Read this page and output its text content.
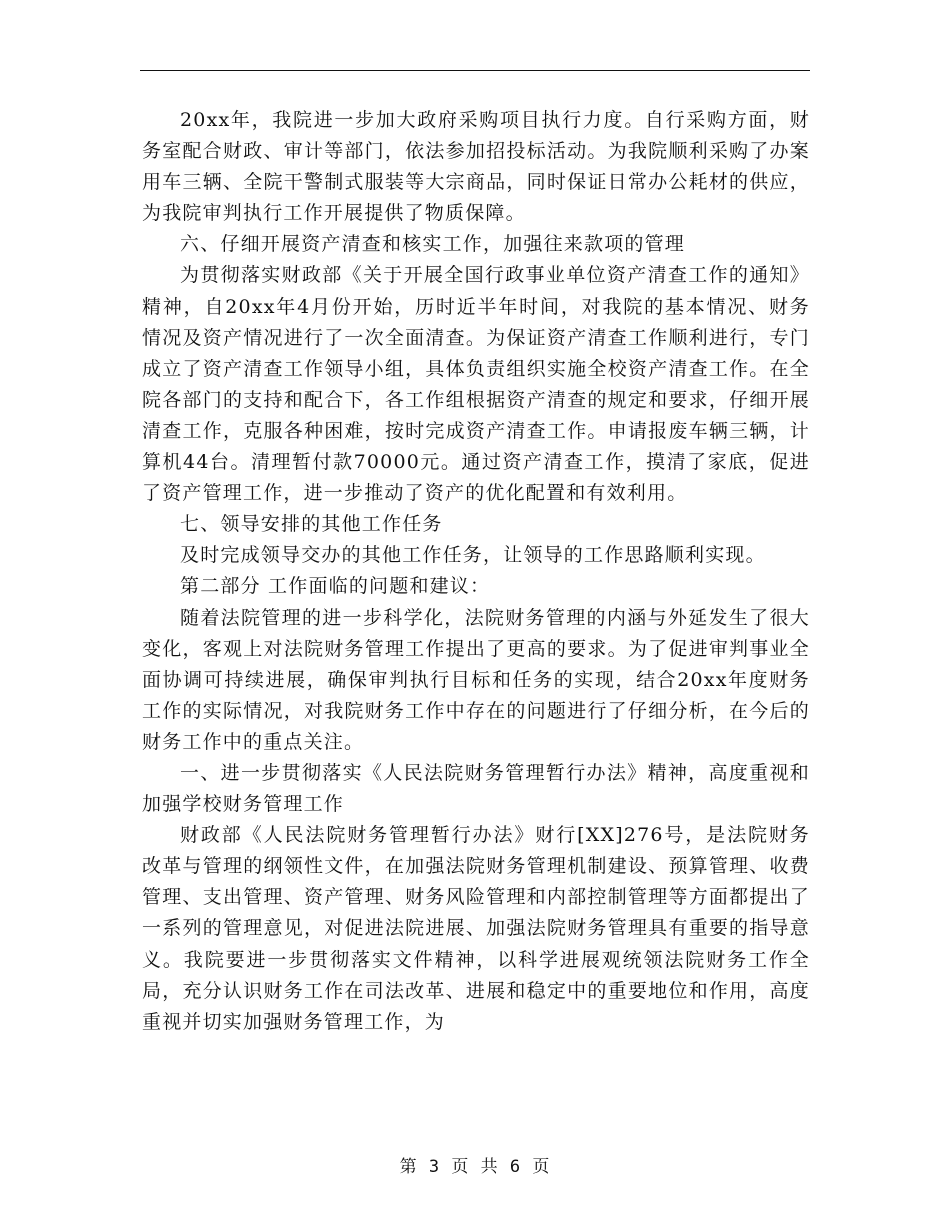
20xx年，我院进一步加大政府采购项目执行力度。自行采购方面，财务室配合财政、审计等部门，依法参加招投标活动。为我院顺利采购了办案用车三辆、全院干警制式服装等大宗商品，同时保证日常办公耗材的供应，为我院审判执行工作开展提供了物质保障。

六、仔细开展资产清查和核实工作，加强往来款项的管理

为贯彻落实财政部《关于开展全国行政事业单位资产清查工作的通知》精神，自20xx年4月份开始，历时近半年时间，对我院的基本情况、财务情况及资产情况进行了一次全面清查。为保证资产清查工作顺利进行，专门成立了资产清查工作领导小组，具体负责组织实施全校资产清查工作。在全院各部门的支持和配合下，各工作组根据资产清查的规定和要求，仔细开展清查工作，克服各种困难，按时完成资产清查工作。申请报废车辆三辆，计算机44台。清理暂付款70000元。通过资产清查工作，摸清了家底，促进了资产管理工作，进一步推动了资产的优化配置和有效利用。

七、领导安排的其他工作任务

及时完成领导交办的其他工作任务，让领导的工作思路顺利实现。

第二部分 工作面临的问题和建议：

随着法院管理的进一步科学化，法院财务管理的内涵与外延发生了很大变化，客观上对法院财务管理工作提出了更高的要求。为了促进审判事业全面协调可持续进展，确保审判执行目标和任务的实现，结合20xx年度财务工作的实际情况，对我院财务工作中存在的问题进行了仔细分析，在今后的财务工作中的重点关注。

一、进一步贯彻落实《人民法院财务管理暂行办法》精神，高度重视和加强学校财务管理工作

财政部《人民法院财务管理暂行办法》财行[XX]276号，是法院财务改革与管理的纲领性文件，在加强法院财务管理机制建设、预算管理、收费管理、支出管理、资产管理、财务风险管理和内部控制管理等方面都提出了一系列的管理意见，对促进法院进展、加强法院财务管理具有重要的指导意义。我院要进一步贯彻落实文件精神，以科学进展观统领法院财务工作全局，充分认识财务工作在司法改革、进展和稳定中的重要地位和作用，高度重视并切实加强财务管理工作，为

第 3 页 共 6 页
